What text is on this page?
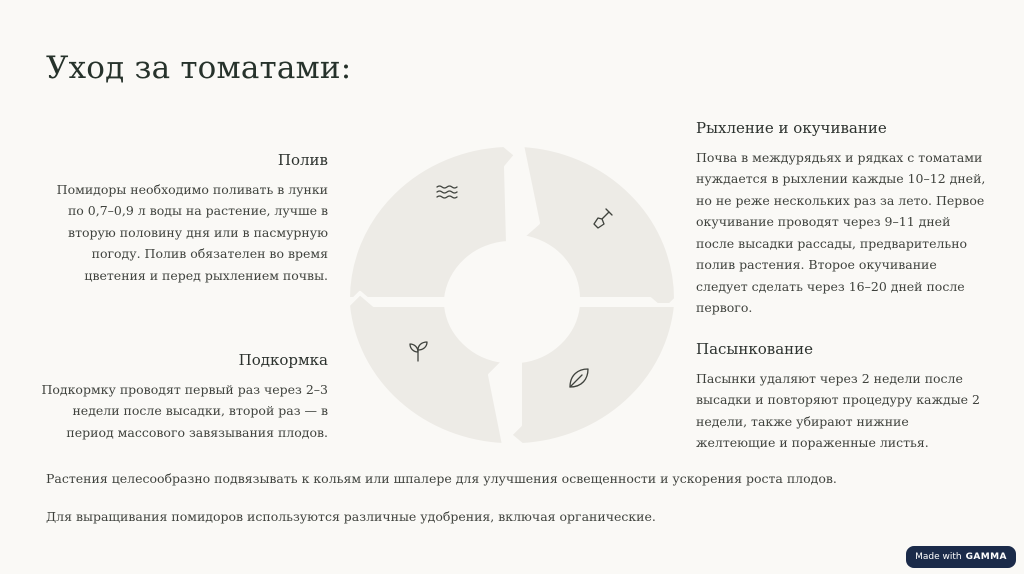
Уход за томатами:
Полив

Помидоры необходимо поливать в лунки
по 0,7–0,9 л воды на растение, лучше в
вторую половину дня или в пасмурную
погоду. Полив обязателен во время
цветения и перед рыхлением почвы.

Подкормка

Подкормку проводят первый раз через 2–3
недели после высадки, второй раз — в
период массового завязывания плодов.

Рыхление и окучивание

Почва в междурядьях и рядках с томатами
нуждается в рыхлении каждые 10–12 дней,
но не реже нескольких раз за лето. Первое
окучивание проводят через 9–11 дней
после высадки рассады, предварительно
полив растения. Второе окучивание
следует сделать через 16–20 дней после
первого.

Пасынкование

Пасынки удаляют через 2 недели после
высадки и повторяют процедуру каждые 2
недели, также убирают нижние
желтеющие и пораженные листья.

Растения целесообразно подвязывать к кольям или шпалере для улучшения освещенности и ускорения роста плодов.

Для выращивания помидоров используются различные удобрения, включая органические.

Made with GAMMA
